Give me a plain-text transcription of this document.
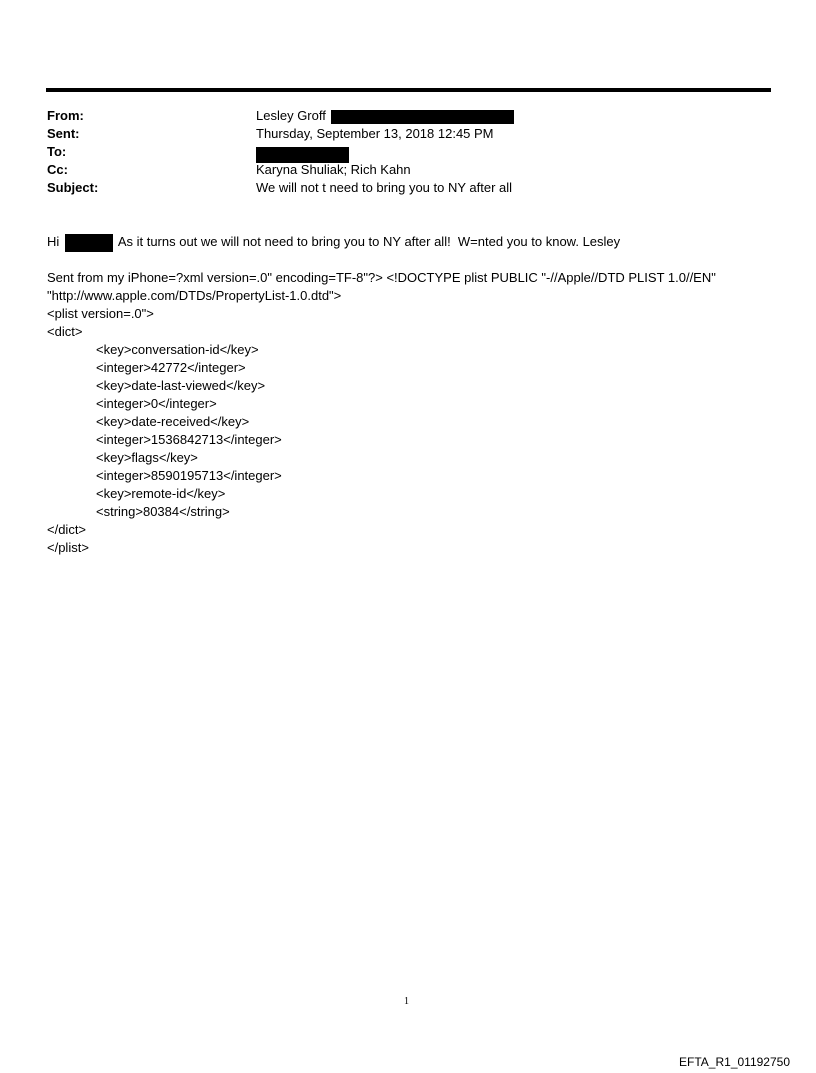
From:	Lesley Groff
Sent:	Thursday, September 13, 2018 12:45 PM
To:
Cc:	Karyna Shuliak; Rich Kahn
Subject:	We will not t need to bring you to NY after all
Hi	As it turns out we will not need to bring you to NY after all!  W=nted you to know. Lesley
Sent from my iPhone=?xml version=.0" encoding=TF-8"?> <!DOCTYPE plist PUBLIC "-//Apple//DTD PLIST 1.0//EN"
"http://www.apple.com/DTDs/PropertyList-1.0.dtd">
<plist version=.0">
<dict>
<key>conversation-id</key>
<integer>42772</integer>
<key>date-last-viewed</key>
<integer>0</integer>
<key>date-received</key>
<integer>1536842713</integer>
<key>flags</key>
<integer>8590195713</integer>
<key>remote-id</key>
<string>80384</string>
</dict>
</plist>
1
EFTA_R1_01192750
